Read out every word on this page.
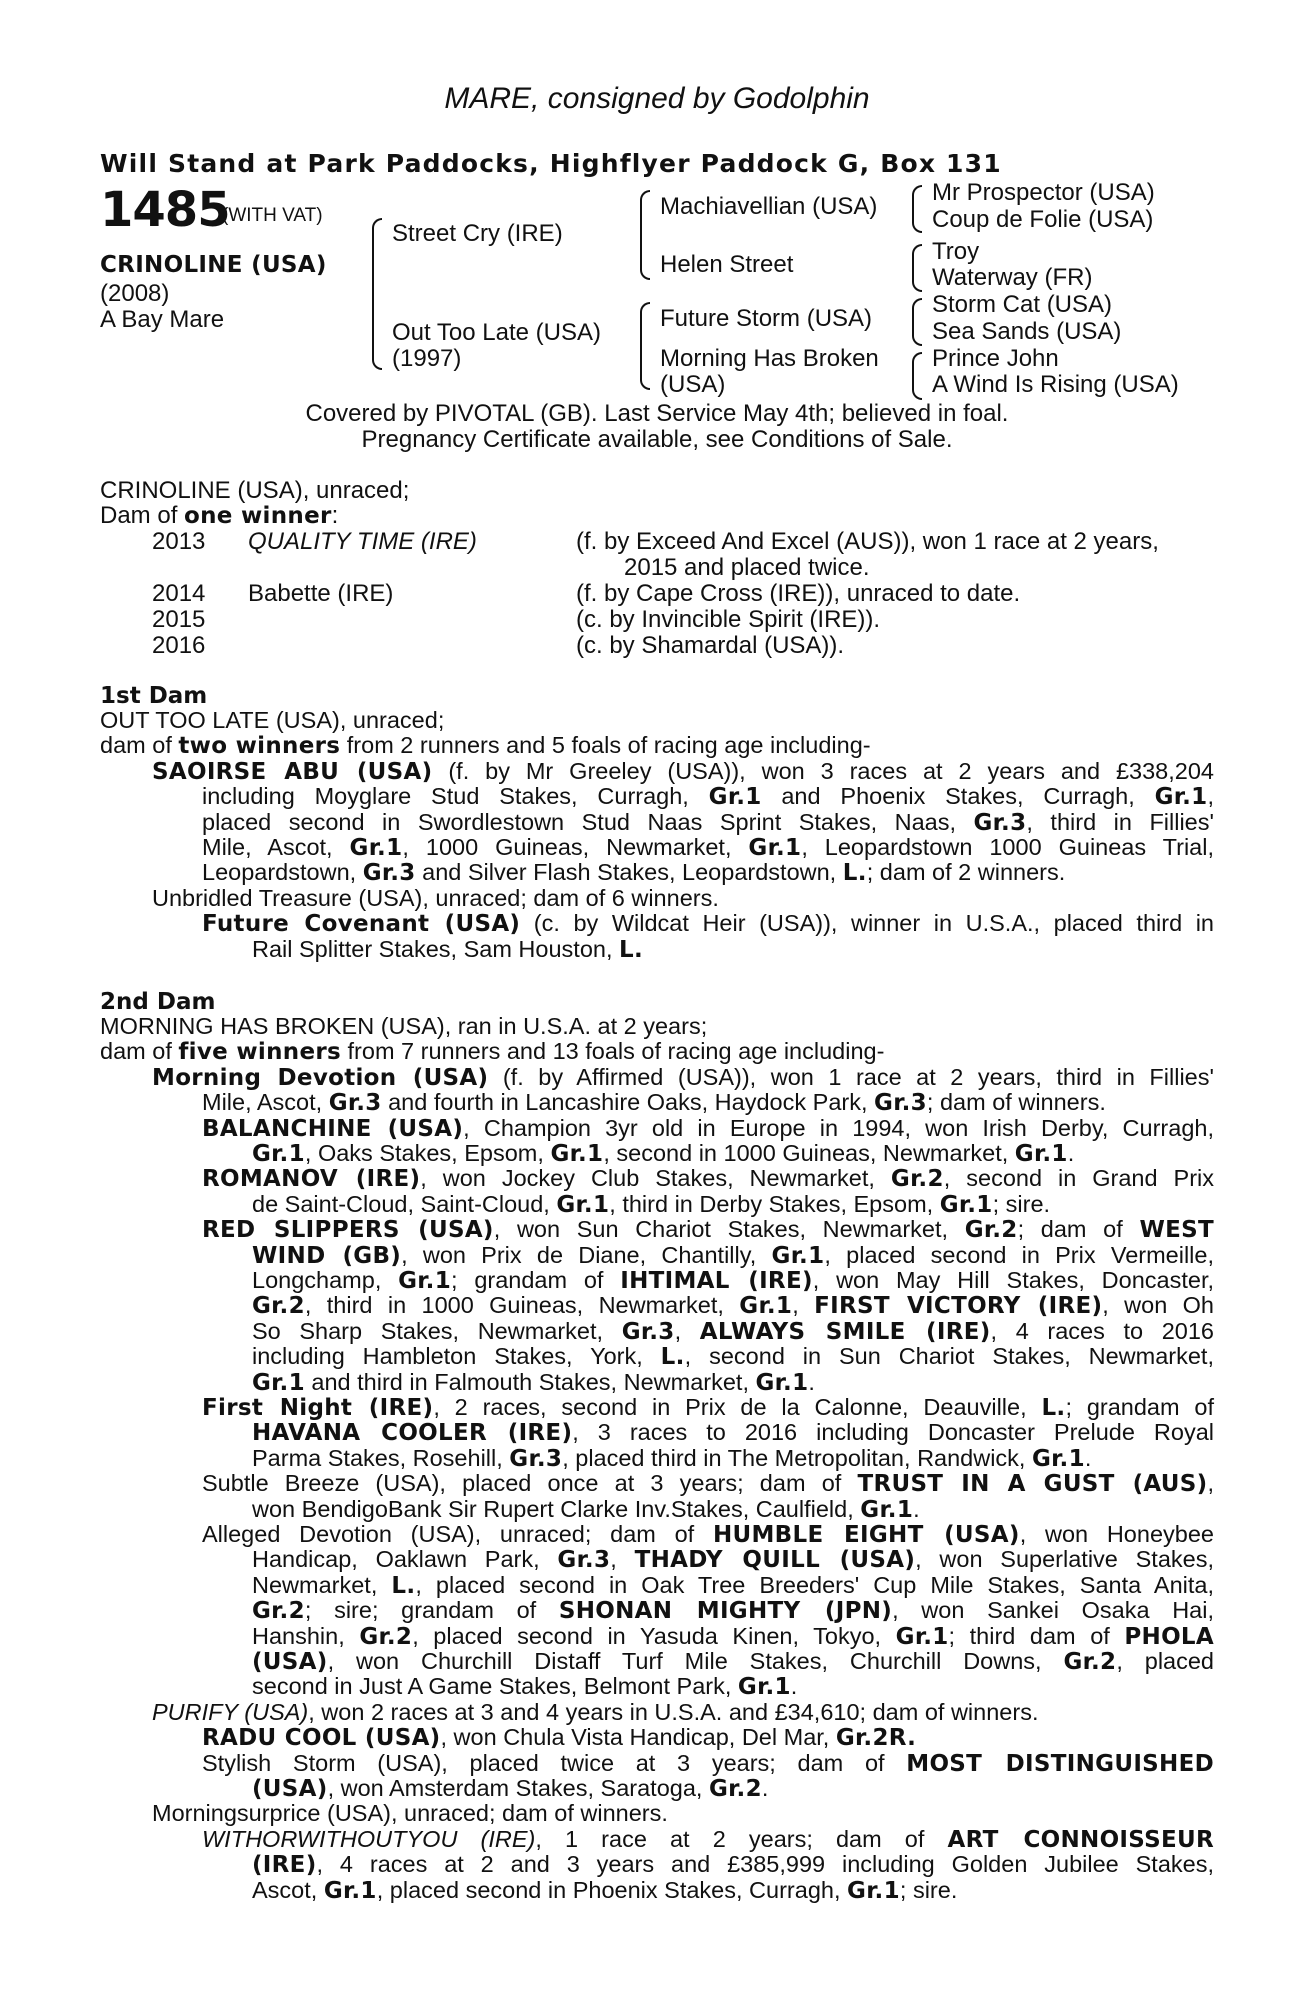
MARE, consigned by Godolphin
Will Stand at Park Paddocks, Highflyer Paddock G, Box 131
1485
(WITH VAT)
CRINOLINE (USA)
(2008)
A Bay Mare
Street Cry (IRE)
Out Too Late (USA)
(1997)
Machiavellian (USA)
Helen Street
Future Storm (USA)
Morning Has Broken
(USA)
Mr Prospector (USA)
Coup de Folie (USA)
Troy
Waterway (FR)
Storm Cat (USA)
Sea Sands (USA)
Prince John
A Wind Is Rising (USA)
Covered by PIVOTAL (GB). Last Service May 4th; believed in foal.
Pregnancy Certificate available, see Conditions of Sale.
CRINOLINE (USA), unraced;
Dam of one winner:
2013 QUALITY TIME (IRE)	(f. by Exceed And Excel (AUS)), won 1 race at 2 years,
2015 and placed twice.
2014 Babette (IRE)	(f. by Cape Cross (IRE)), unraced to date.
2015	(c. by Invincible Spirit (IRE)).
2016	(c. by Shamardal (USA)).
1st Dam
OUT TOO LATE (USA), unraced;
dam of two winners from 2 runners and 5 foals of racing age including-
SAOIRSE ABU (USA) (f. by Mr Greeley (USA)), won 3 races at 2 years and £338,204
including Moyglare Stud Stakes, Curragh, Gr.1 and Phoenix Stakes, Curragh, Gr.1,
placed second in Swordlestown Stud Naas Sprint Stakes, Naas, Gr.3, third in Fillies'
Mile, Ascot, Gr.1, 1000 Guineas, Newmarket, Gr.1, Leopardstown 1000 Guineas Trial,
Leopardstown, Gr.3 and Silver Flash Stakes, Leopardstown, L.; dam of 2 winners.
Unbridled Treasure (USA), unraced; dam of 6 winners.
Future Covenant (USA) (c. by Wildcat Heir (USA)), winner in U.S.A., placed third in
Rail Splitter Stakes, Sam Houston, L.
2nd Dam
MORNING HAS BROKEN (USA), ran in U.S.A. at 2 years;
dam of five winners from 7 runners and 13 foals of racing age including-
Morning Devotion (USA) (f. by Affirmed (USA)), won 1 race at 2 years, third in Fillies'
Mile, Ascot, Gr.3 and fourth in Lancashire Oaks, Haydock Park, Gr.3; dam of winners.
BALANCHINE (USA), Champion 3yr old in Europe in 1994, won Irish Derby, Curragh,
Gr.1, Oaks Stakes, Epsom, Gr.1, second in 1000 Guineas, Newmarket, Gr.1.
ROMANOV (IRE), won Jockey Club Stakes, Newmarket, Gr.2, second in Grand Prix
de Saint-Cloud, Saint-Cloud, Gr.1, third in Derby Stakes, Epsom, Gr.1; sire.
RED SLIPPERS (USA), won Sun Chariot Stakes, Newmarket, Gr.2; dam of WEST
WIND (GB), won Prix de Diane, Chantilly, Gr.1, placed second in Prix Vermeille,
Longchamp, Gr.1; grandam of IHTIMAL (IRE), won May Hill Stakes, Doncaster,
Gr.2, third in 1000 Guineas, Newmarket, Gr.1, FIRST VICTORY (IRE), won Oh
So Sharp Stakes, Newmarket, Gr.3, ALWAYS SMILE (IRE), 4 races to 2016
including Hambleton Stakes, York, L., second in Sun Chariot Stakes, Newmarket,
Gr.1 and third in Falmouth Stakes, Newmarket, Gr.1.
First Night (IRE), 2 races, second in Prix de la Calonne, Deauville, L.; grandam of
HAVANA COOLER (IRE), 3 races to 2016 including Doncaster Prelude Royal
Parma Stakes, Rosehill, Gr.3, placed third in The Metropolitan, Randwick, Gr.1.
Subtle Breeze (USA), placed once at 3 years; dam of TRUST IN A GUST (AUS),
won BendigoBank Sir Rupert Clarke Inv.Stakes, Caulfield, Gr.1.
Alleged Devotion (USA), unraced; dam of HUMBLE EIGHT (USA), won Honeybee
Handicap, Oaklawn Park, Gr.3, THADY QUILL (USA), won Superlative Stakes,
Newmarket, L., placed second in Oak Tree Breeders' Cup Mile Stakes, Santa Anita,
Gr.2; sire; grandam of SHONAN MIGHTY (JPN), won Sankei Osaka Hai,
Hanshin, Gr.2, placed second in Yasuda Kinen, Tokyo, Gr.1; third dam of PHOLA
(USA), won Churchill Distaff Turf Mile Stakes, Churchill Downs, Gr.2, placed
second in Just A Game Stakes, Belmont Park, Gr.1.
PURIFY (USA), won 2 races at 3 and 4 years in U.S.A. and £34,610; dam of winners.
RADU COOL (USA), won Chula Vista Handicap, Del Mar, Gr.2R.
Stylish Storm (USA), placed twice at 3 years; dam of MOST DISTINGUISHED
(USA), won Amsterdam Stakes, Saratoga, Gr.2.
Morningsurprice (USA), unraced; dam of winners.
WITHORWITHOUTYOU (IRE), 1 race at 2 years; dam of ART CONNOISSEUR
(IRE), 4 races at 2 and 3 years and £385,999 including Golden Jubilee Stakes,
Ascot, Gr.1, placed second in Phoenix Stakes, Curragh, Gr.1; sire.
